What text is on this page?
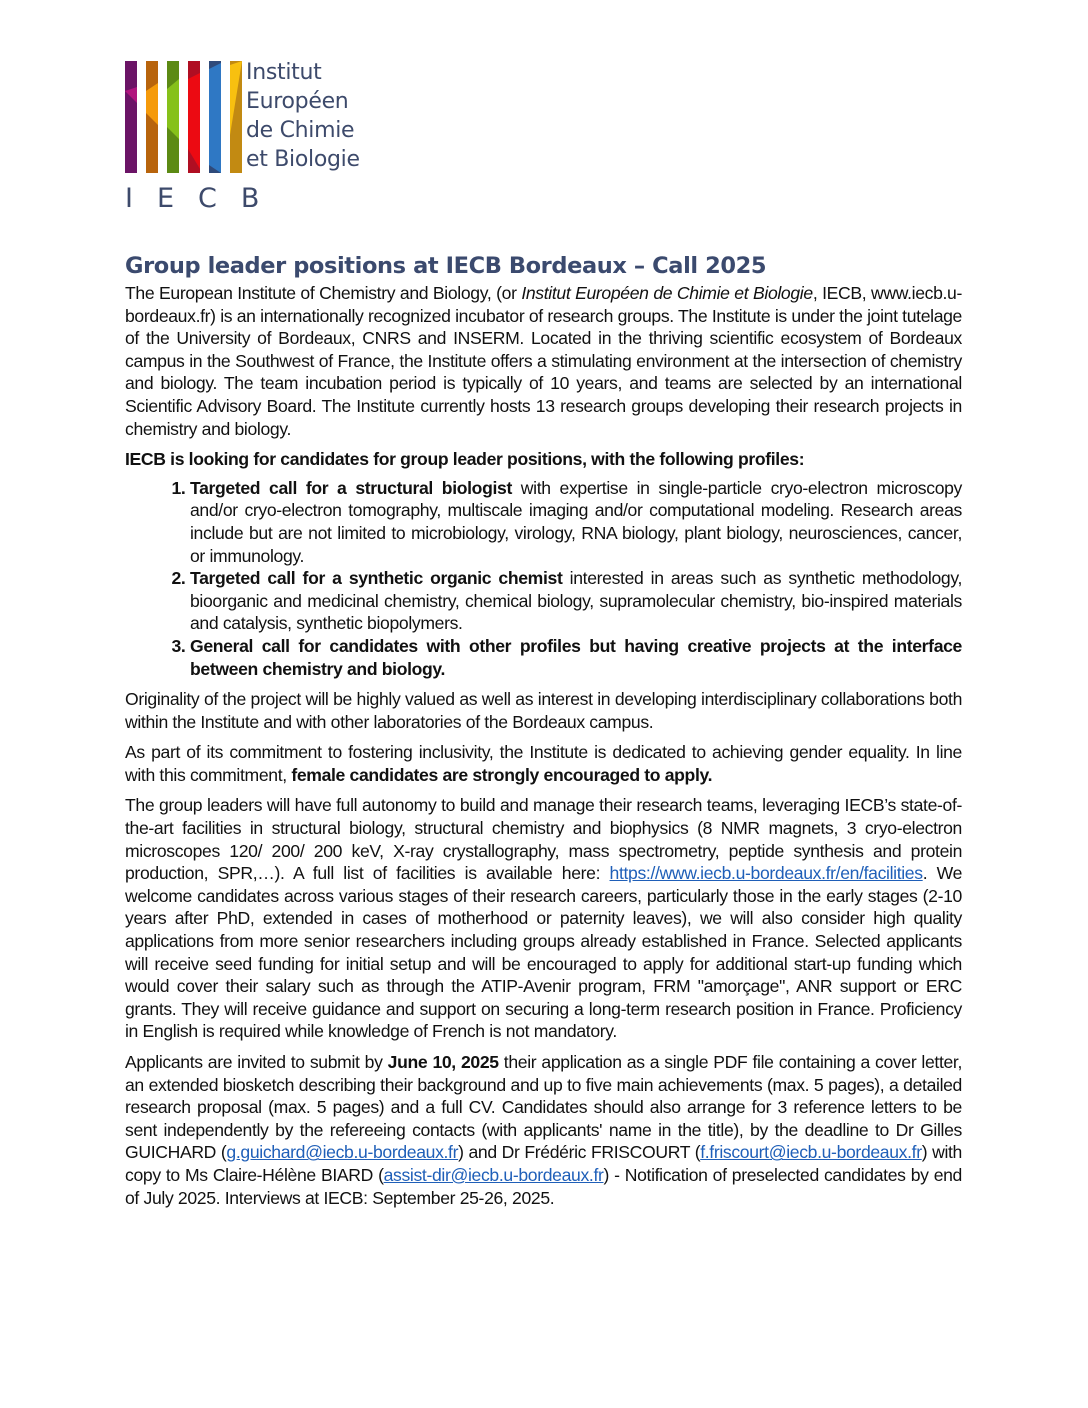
Institut
Européen
de Chimie
et Biologie
I E C B
Group leader positions at IECB Bordeaux – Call 2025

The European Institute of Chemistry and Biology, (or Institut Européen de Chimie et Biologie, IECB, www.iecb.u-bordeaux.fr) is an internationally recognized incubator of research groups. The Institute is under the joint tutelage of the University of Bordeaux, CNRS and INSERM. Located in the thriving scientific ecosystem of Bordeaux campus in the Southwest of France, the Institute offers a stimulating environment at the intersection of chemistry and biology. The team incubation period is typically of 10 years, and teams are selected by an international Scientific Advisory Board. The Institute currently hosts 13 research groups developing their research projects in chemistry and biology.

IECB is looking for candidates for group leader positions, with the following profiles:

1. Targeted call for a structural biologist with expertise in single-particle cryo-electron microscopy and/or cryo-electron tomography, multiscale imaging and/or computational modeling. Research areas include but are not limited to microbiology, virology, RNA biology, plant biology, neurosciences, cancer, or immunology.
2. Targeted call for a synthetic organic chemist interested in areas such as synthetic methodology, bioorganic and medicinal chemistry, chemical biology, supramolecular chemistry, bio-inspired materials and catalysis, synthetic biopolymers.
3. General call for candidates with other profiles but having creative projects at the interface between chemistry and biology.

Originality of the project will be highly valued as well as interest in developing interdisciplinary collaborations both within the Institute and with other laboratories of the Bordeaux campus.

As part of its commitment to fostering inclusivity, the Institute is dedicated to achieving gender equality. In line with this commitment, female candidates are strongly encouraged to apply.

The group leaders will have full autonomy to build and manage their research teams, leveraging IECB’s state-of-the-art facilities in structural biology, structural chemistry and biophysics (8 NMR magnets, 3 cryo-electron microscopes 120/ 200/ 200 keV, X-ray crystallography, mass spectrometry, peptide synthesis and protein production, SPR,…). A full list of facilities is available here: https://www.iecb.u-bordeaux.fr/en/facilities. We welcome candidates across various stages of their research careers, particularly those in the early stages (2-10 years after PhD, extended in cases of motherhood or paternity leaves), we will also consider high quality applications from more senior researchers including groups already established in France. Selected applicants will receive seed funding for initial setup and will be encouraged to apply for additional start-up funding which would cover their salary such as through the ATIP-Avenir program, FRM "amorçage", ANR support or ERC grants. They will receive guidance and support on securing a long-term research position in France. Proficiency in English is required while knowledge of French is not mandatory.

Applicants are invited to submit by June 10, 2025 their application as a single PDF file containing a cover letter, an extended biosketch describing their background and up to five main achievements (max. 5 pages), a detailed research proposal (max. 5 pages) and a full CV. Candidates should also arrange for 3 reference letters to be sent independently by the refereeing contacts (with applicants' name in the title), by the deadline to Dr Gilles GUICHARD (g.guichard@iecb.u-bordeaux.fr) and Dr Frédéric FRISCOURT (f.friscourt@iecb.u-bordeaux.fr) with copy to Ms Claire-Hélène BIARD (assist-dir@iecb.u-bordeaux.fr) - Notification of preselected candidates by end of July 2025. Interviews at IECB: September 25-26, 2025.
